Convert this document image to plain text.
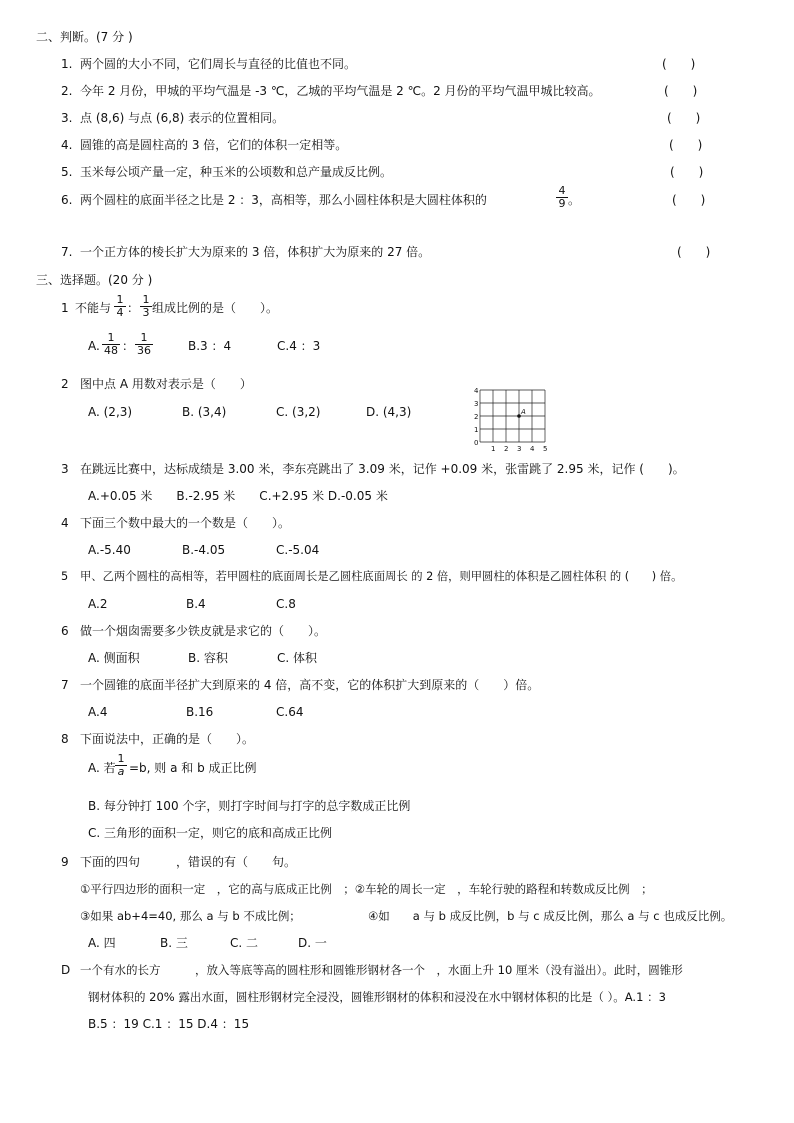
二、判断。(7 分 )
1. 两个圆的大小不同，它们周长与直径的比值也不同。	(　　)
2. 今年 2 月份，甲城的平均气温是 -3 ℃，乙城的平均气温是 2 ℃。2 月份的平均气温甲城比较高。	(　　)
3. 点 (8,6) 与点 (6,8) 表示的位置相同。	(　　)
4. 圆锥的高是圆柱高的 3 倍，它们的体积一定相等。	(　　)
5. 玉米每公顷产量一定，种玉米的公顷数和总产量成反比例。	(　　)
6. 两个圆柱的底面半径之比是 2 ：3，高相等，那么小圆柱体积是大圆柱体积的	$\frac{4}{9}$ 。	(　　)
7. 一个正方体的棱长扩大为原来的 3 倍，体积扩大为原来的 27 倍。	(　　)
三、选择题。(20 分 )
1 不能与 $\frac{1}{4}$ ： $\frac{1}{3}$ 组成比例的是（　　）。
A. $\frac{1}{48}$ ： $\frac{1}{36}$	B.3 ：4	C.4 ：3
2 图中点 A 用数对表示是（　　）
A. (2,3)	B. (3,4)	C. (3,2)	D. (4,3)
4
3
2
1
0
1 2 3 4 5
A
3 在跳远比赛中，达标成绩是 3.00 米，李东亮跳出了 3.09 米，记作 +0.09 米，张雷跳了 2.95 米，记作 (　　)。
A.+0.05 米　　B.-2.95 米　　C.+2.95 米 D.-0.05 米
4 下面三个数中最大的一个数是（　　）。
A.-5.40	B.-4.05	C.-5.04
5 甲、乙两个圆柱的高相等，若甲圆柱的底面周长是乙圆柱底面周长 的 2 倍，则甲圆柱的体积是乙圆柱体积 的 (　　) 倍。
A.2	B.4	C.8
6 做一个烟囱需要多少铁皮就是求它的（　　）。
A. 侧面积	B. 容积	C. 体积
7 一个圆锥的底面半径扩大到原来的 4 倍，高不变，它的体积扩大到原来的（　　）倍。
A.4	B.16	C.64
8 下面说法中，正确的是（　　）。
A. 若 $\frac{1}{a} =b$, 则 a 和 b 成正比例
B. 每分钟打 100 个字，则打字时间与打字的总字数成正比例
C. 三角形的面积一定，则它的底和高成正比例
9 下面的四句　　　，错误的有（　　句。
①平行四边形的面积一定　，它的高与底成正比例　；②车轮的周长一定　，车轮行驶的路程和转数成反比例　；
③如果 ab+4=40, 那么 a 与 b 不成比例；	④如　　a 与 b 成反比例，b 与 c 成反比例，那么 a 与 c 也成反比例。
A. 四	B. 三	C. 二	D. 一
D 一个有水的长方　　　，放入等底等高的圆柱形和圆锥形钢材各一个　，水面上升 10 厘米（没有溢出）。此时，圆锥形
钢材体积的 20% 露出水面，圆柱形钢材完全浸没，圆锥形钢材的体积和浸没在水中钢材体积的比是（ ）。A.1 ：3
B.5 ：19 C.1 ：15 D.4 ：15
